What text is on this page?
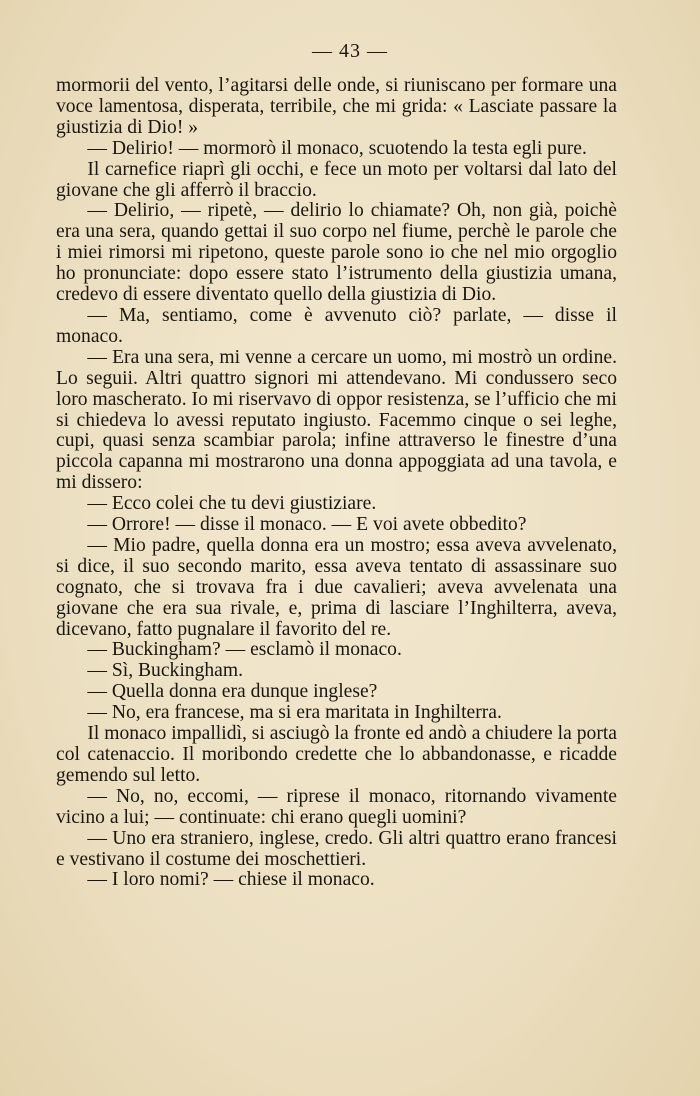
— 43 —

mormorii del vento, l’agitarsi delle onde, si riuniscano per formare una voce lamentosa, disperata, terribile, che mi grida: « Lasciate passare la giustizia di Dio! »

— Delirio! — mormorò il monaco, scuotendo la testa egli pure.

Il carnefice riaprì gli occhi, e fece un moto per voltarsi dal lato del giovane che gli afferrò il braccio.

— Delirio, — ripetè, — delirio lo chiamate? Oh, non già, poichè era una sera, quando gettai il suo corpo nel fiume, perchè le parole che i miei rimorsi mi ripetono, queste parole sono io che nel mio orgoglio ho pronunciate: dopo essere stato l’istrumento della giustizia umana, credevo di essere diventato quello della giustizia di Dio.

— Ma, sentiamo, come è avvenuto ciò? parlate, — disse il monaco.

— Era una sera, mi venne a cercare un uomo, mi mostrò un ordine. Lo seguii. Altri quattro signori mi attendevano. Mi condussero seco loro mascherato. Io mi riservavo di oppor resistenza, se l’ufficio che mi si chiedeva lo avessi reputato ingiusto. Facemmo cinque o sei leghe, cupi, quasi senza scambiar parola; infine attraverso le finestre d’una piccola capanna mi mostrarono una donna appoggiata ad una tavola, e mi dissero:

— Ecco colei che tu devi giustiziare.

— Orrore! — disse il monaco. — E voi avete obbedito?

— Mio padre, quella donna era un mostro; essa aveva avvelenato, si dice, il suo secondo marito, essa aveva tentato di assassinare suo cognato, che si trovava fra i due cavalieri; aveva avvelenata una giovane che era sua rivale, e, prima di lasciare l’Inghilterra, aveva, dicevano, fatto pugnalare il favorito del re.

— Buckingham? — esclamò il monaco.

— Sì, Buckingham.

— Quella donna era dunque inglese?

— No, era francese, ma si era maritata in Inghilterra.

Il monaco impallidì, si asciugò la fronte ed andò a chiudere la porta col catenaccio. Il moribondo credette che lo abbandonasse, e ricadde gemendo sul letto.

— No, no, eccomi, — riprese il monaco, ritornando vivamente vicino a lui; — continuate: chi erano quegli uomini?

— Uno era straniero, inglese, credo. Gli altri quattro erano francesi e vestivano il costume dei moschettieri.

— I loro nomi? — chiese il monaco.
